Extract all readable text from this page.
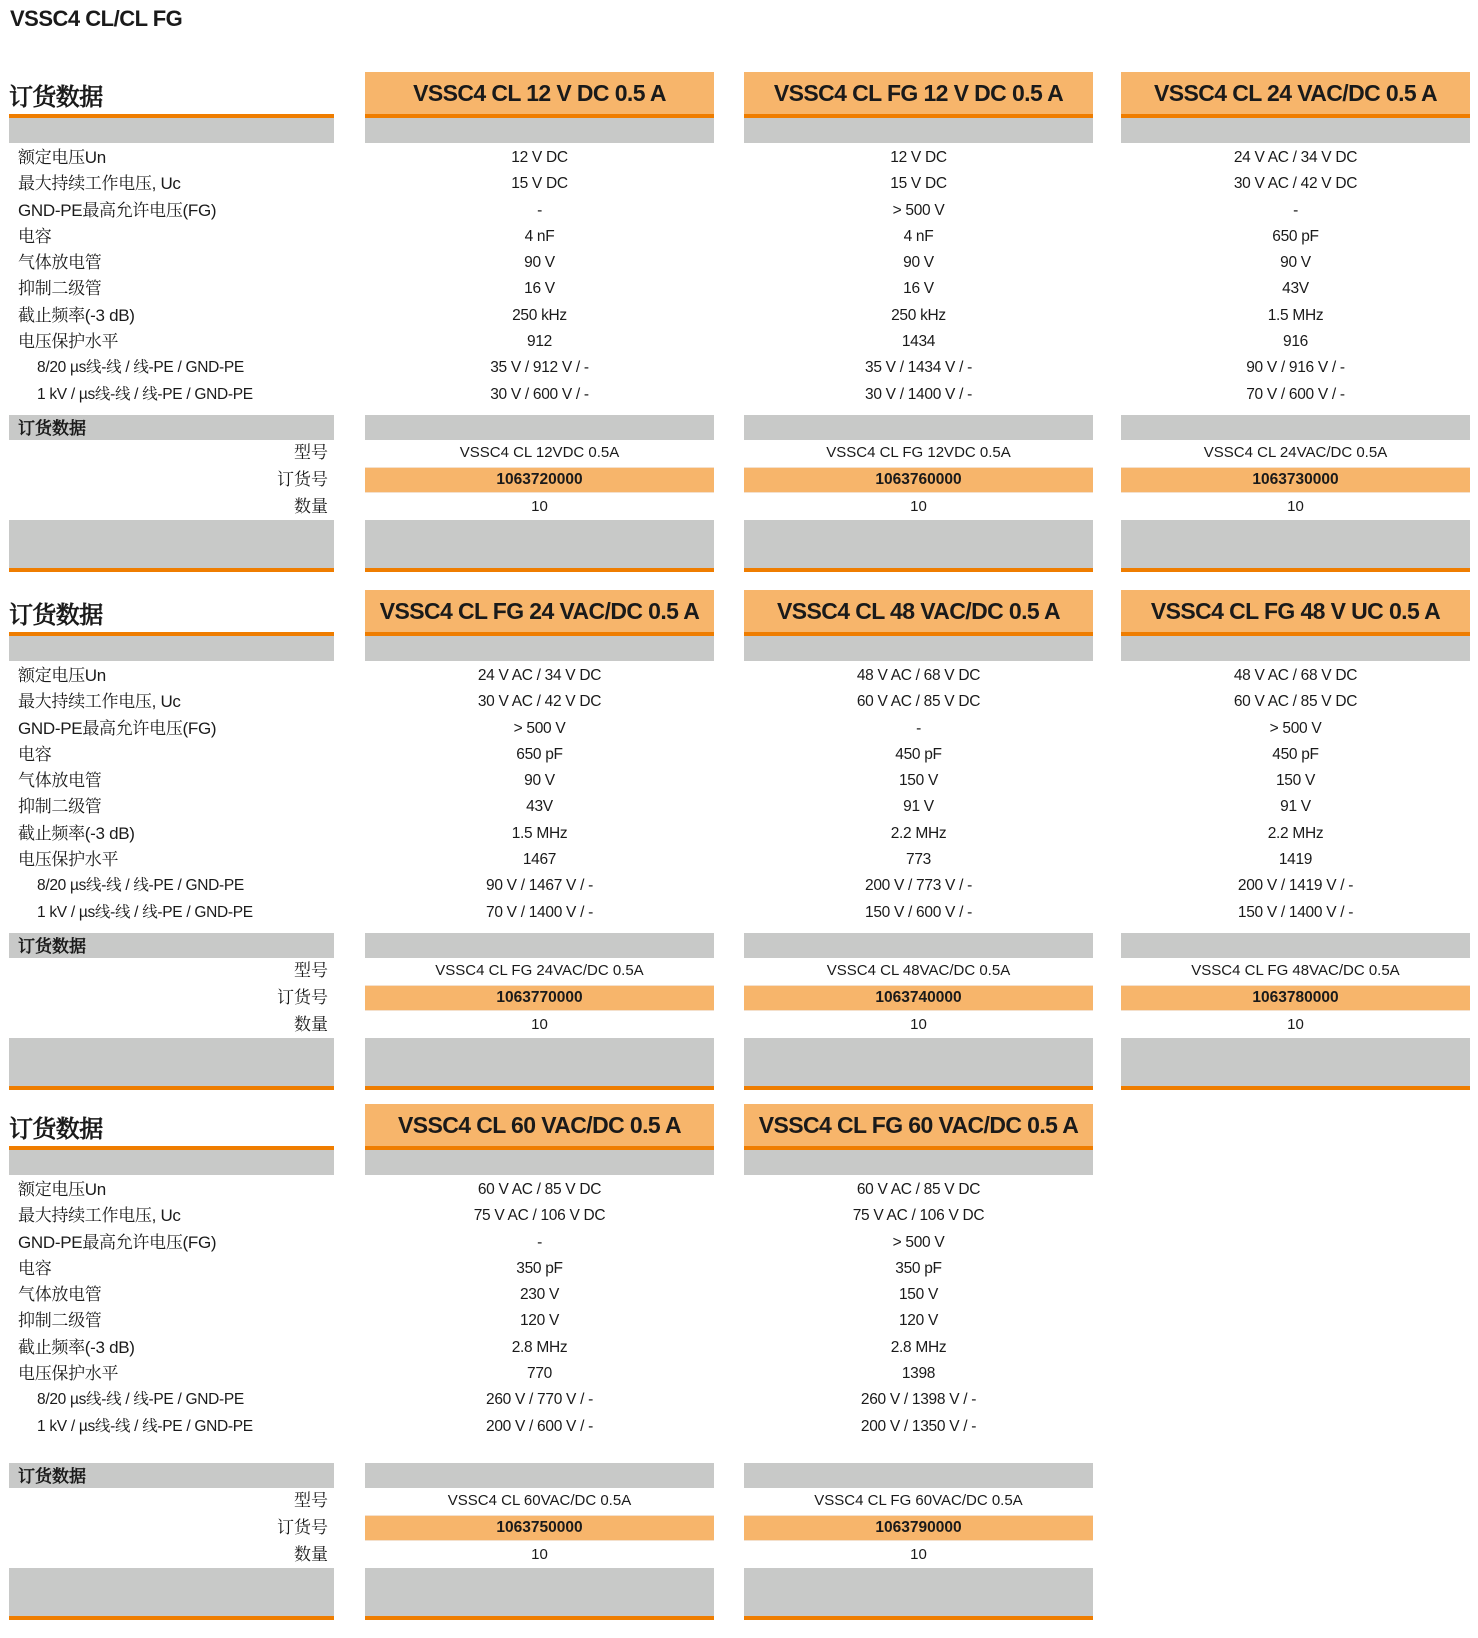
VSSC4 CL/CL FG
订货数据
额定电压Un
最大持续工作电压, Uc
GND-PE最高允许电压(FG)
电容
气体放电管
抑制二级管
截止频率(-3 dB)
电压保护水平
8/20 µs线-线 / 线-PE / GND-PE
1 kV / µs线-线 / 线-PE / GND-PE
订货数据
型号
订货号
数量
VSSC4 CL 12 V DC 0.5 A
12 V DC
15 V DC
-
4 nF
90 V
16 V
250 kHz
912
35 V / 912 V / -
30 V / 600 V / -
VSSC4 CL 12VDC 0.5A
1063720000
10
VSSC4 CL FG 12 V DC 0.5 A
12 V DC
15 V DC
> 500 V
4 nF
90 V
16 V
250 kHz
1434
35 V / 1434 V / -
30 V / 1400 V / -
VSSC4 CL FG 12VDC 0.5A
1063760000
10
VSSC4 CL 24 VAC/DC 0.5 A
24 V AC / 34 V DC
30 V AC / 42 V DC
-
650 pF
90 V
43V
1.5 MHz
916
90 V / 916 V / -
70 V / 600 V / -
VSSC4 CL 24VAC/DC 0.5A
1063730000
10
订货数据
额定电压Un
最大持续工作电压, Uc
GND-PE最高允许电压(FG)
电容
气体放电管
抑制二级管
截止频率(-3 dB)
电压保护水平
8/20 µs线-线 / 线-PE / GND-PE
1 kV / µs线-线 / 线-PE / GND-PE
订货数据
型号
订货号
数量
VSSC4 CL FG 24 VAC/DC 0.5 A
24 V AC / 34 V DC
30 V AC / 42 V DC
> 500 V
650 pF
90 V
43V
1.5 MHz
1467
90 V / 1467 V / -
70 V / 1400 V / -
VSSC4 CL FG 24VAC/DC 0.5A
1063770000
10
VSSC4 CL 48 VAC/DC 0.5 A
48 V AC / 68 V DC
60 V AC / 85 V DC
-
450 pF
150 V
91 V
2.2 MHz
773
200 V / 773 V / -
150 V / 600 V / -
VSSC4 CL 48VAC/DC 0.5A
1063740000
10
VSSC4 CL FG 48 V UC 0.5 A
48 V AC / 68 V DC
60 V AC / 85 V DC
> 500 V
450 pF
150 V
91 V
2.2 MHz
1419
200 V / 1419 V / -
150 V / 1400 V / -
VSSC4 CL FG 48VAC/DC 0.5A
1063780000
10
订货数据
额定电压Un
最大持续工作电压, Uc
GND-PE最高允许电压(FG)
电容
气体放电管
抑制二级管
截止频率(-3 dB)
电压保护水平
8/20 µs线-线 / 线-PE / GND-PE
1 kV / µs线-线 / 线-PE / GND-PE
订货数据
型号
订货号
数量
VSSC4 CL 60 VAC/DC 0.5 A
60 V AC / 85 V DC
75 V AC / 106 V DC
-
350 pF
230 V
120 V
2.8 MHz
770
260 V / 770 V / -
200 V / 600 V / -
VSSC4 CL 60VAC/DC 0.5A
1063750000
10
VSSC4 CL FG 60 VAC/DC 0.5 A
60 V AC / 85 V DC
75 V AC / 106 V DC
> 500 V
350 pF
150 V
120 V
2.8 MHz
1398
260 V / 1398 V / -
200 V / 1350 V / -
VSSC4 CL FG 60VAC/DC 0.5A
1063790000
10
